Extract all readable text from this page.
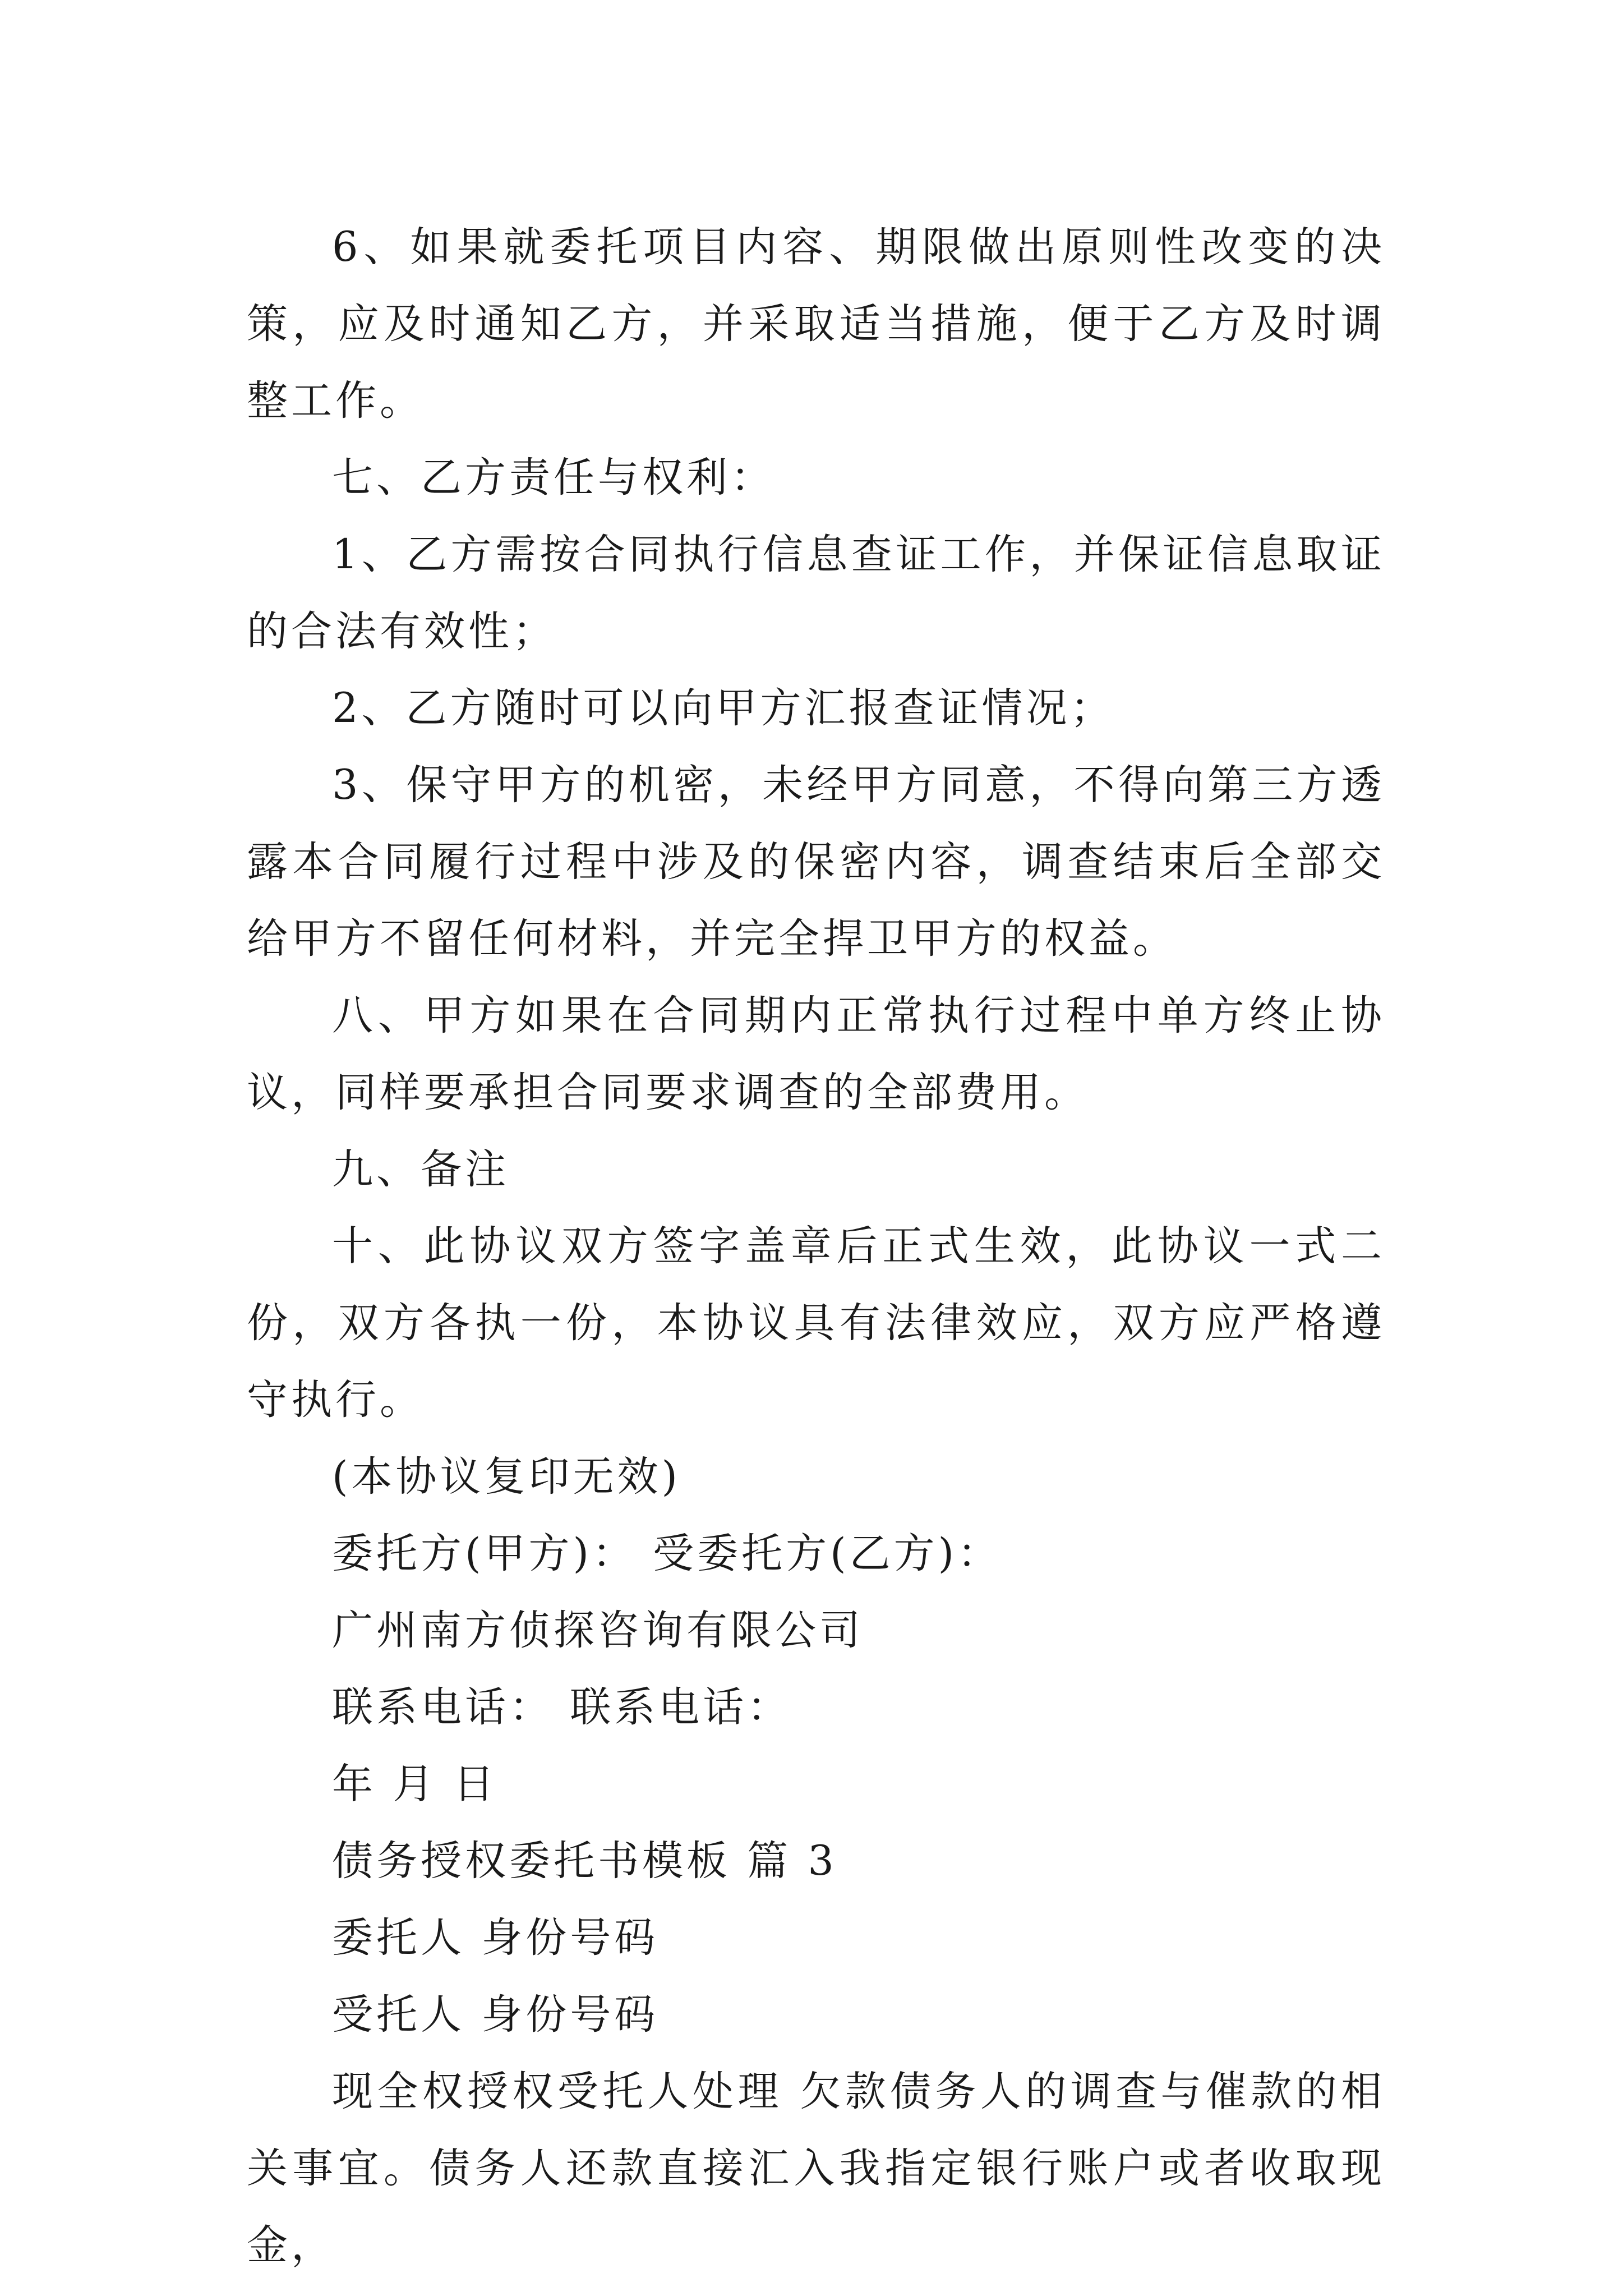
6、如果就委托项目内容、期限做出原则性改变的决策，应及时通知乙方，并采取适当措施，便于乙方及时调整工作。

七、乙方责任与权利：

1、乙方需按合同执行信息查证工作，并保证信息取证的合法有效性；

2、乙方随时可以向甲方汇报查证情况；

3、保守甲方的机密，未经甲方同意，不得向第三方透露本合同履行过程中涉及的保密内容，调查结束后全部交给甲方不留任何材料，并完全捍卫甲方的权益。

八、甲方如果在合同期内正常执行过程中单方终止协议，同样要承担合同要求调查的全部费用。

九、备注

十、此协议双方签字盖章后正式生效，此协议一式二份，双方各执一份，本协议具有法律效应，双方应严格遵守执行。

(本协议复印无效)

委托方(甲方)： 受委托方(乙方)：

广州南方侦探咨询有限公司

联系电话： 联系电话：

年 月 日

债务授权委托书模板 篇 3

委托人 身份号码

受托人 身份号码

现全权授权受托人处理 欠款债务人的调查与催款的相关事宜。债务人还款直接汇入我指定银行账户或者收取现金，
